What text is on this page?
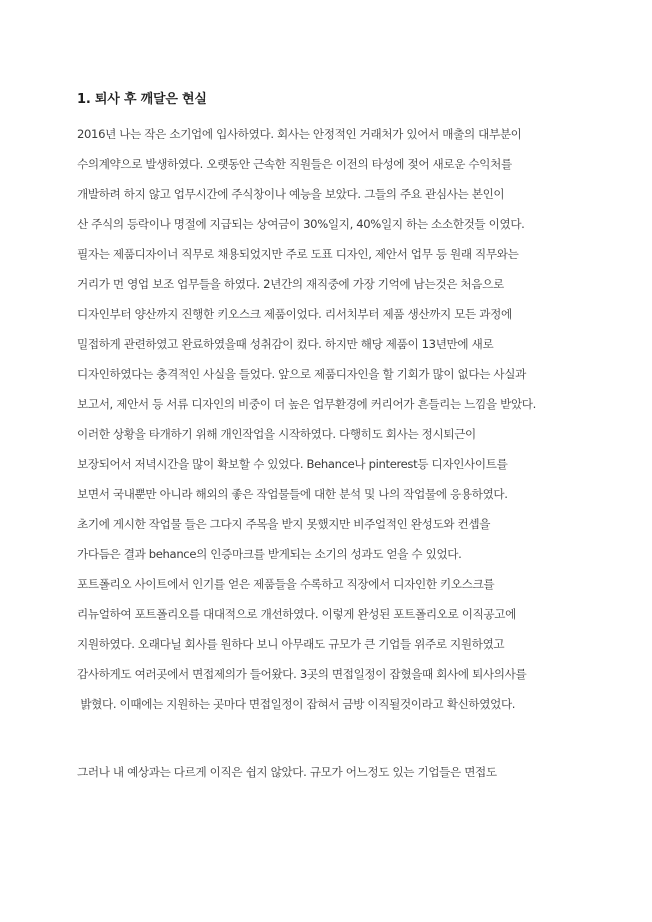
1. 퇴사 후 깨달은 현실
2016년 나는 작은 소기업에 입사하였다. 회사는 안정적인 거래처가 있어서 매출의 대부분이
수의계약으로 발생하였다. 오랫동안 근속한 직원들은 이전의 타성에 젖어 새로운 수익처를
개발하려 하지 않고 업무시간에 주식창이나 예능을 보았다. 그들의 주요 관심사는 본인이
산 주식의 등락이나 명절에 지급되는 상여금이 30%일지, 40%일지 하는 소소한것들 이였다.
필자는 제품디자이너 직무로 채용되었지만 주로 도표 디자인, 제안서 업무 등 원래 직무와는
거리가 먼 영업 보조 업무들을 하였다. 2년간의 재직중에 가장 기억에 남는것은 처음으로
디자인부터 양산까지 진행한 키오스크 제품이었다. 리서치부터 제품 생산까지 모든 과정에
밀접하게 관련하였고 완료하였을때 성취감이 컸다. 하지만 해당 제품이 13년만에 새로
디자인하였다는 충격적인 사실을 들었다. 앞으로 제품디자인을 할 기회가 많이 없다는 사실과
보고서, 제안서 등 서류 디자인의 비중이 더 높은 업무환경에 커리어가 흔들리는 느낌을 받았다.
이러한 상황을 타개하기 위해 개인작업을 시작하였다. 다행히도 회사는 정시퇴근이
보장되어서 저녁시간을 많이 확보할 수 있었다. Behance나 pinterest등 디자인사이트를
보면서 국내뿐만 아니라 해외의 좋은 작업물들에 대한 분석 및 나의 작업물에 응용하였다.
초기에 게시한 작업물 들은 그다지 주목을 받지 못했지만 비주얼적인 완성도와 컨셉을
가다듬은 결과 behance의 인증마크를 받게되는 소기의 성과도 얻을 수 있었다.
포트폴리오 사이트에서 인기를 얻은 제품들을 수록하고 직장에서 디자인한 키오스크를
리뉴얼하여 포트폴리오를 대대적으로 개선하였다. 이렇게 완성된 포트폴리오로 이직공고에
지원하였다. 오래다닐 회사를 원하다 보니 아무래도 규모가 큰 기업들 위주로 지원하였고
감사하게도 여러곳에서 면접제의가 들어왔다. 3곳의 면접일정이 잡혔을때 회사에 퇴사의사를
밝혔다. 이때에는 지원하는 곳마다 면접일정이 잡혀서 금방 이직될것이라고 확신하였었다.
그러나 내 예상과는 다르게 이직은 쉽지 않았다. 규모가 어느정도 있는 기업들은 면접도
